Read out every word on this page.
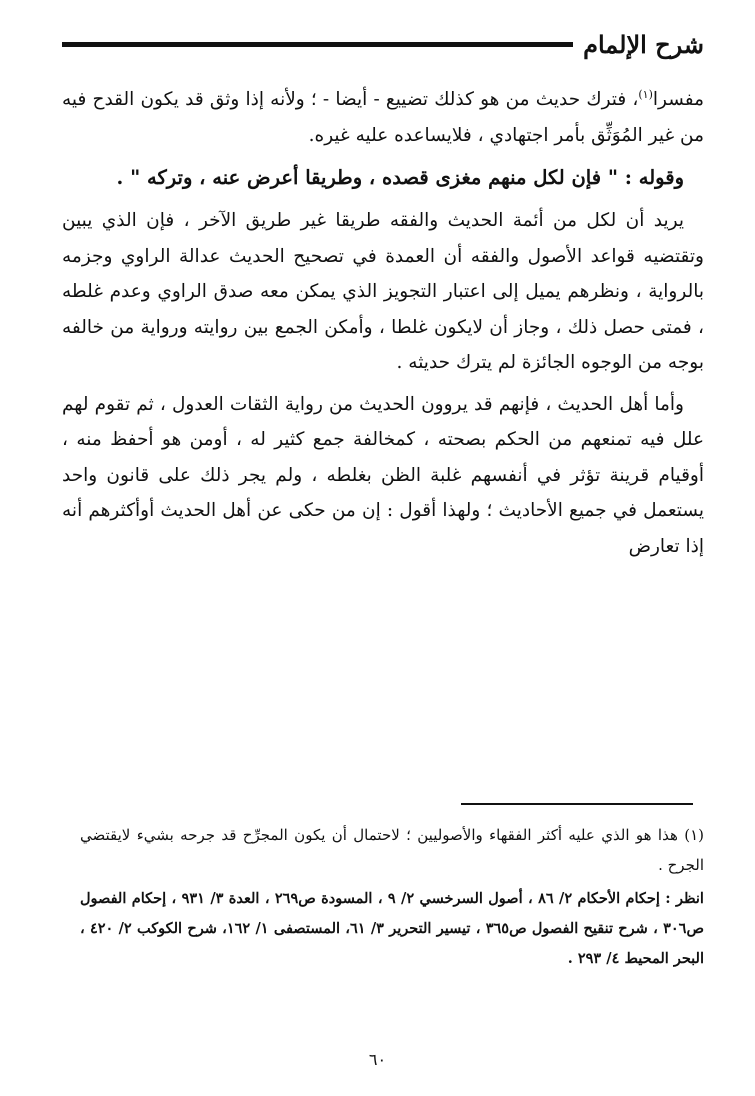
شرح الإلمام

مفسرا$^{(١)}$، فترك حديث من هو كذلك تضييع - أيضا - ؛ ولأنه إذا وثق قد يكون القدح فيه من غير المُوَثِّق بأمر اجتهادي ، فلايساعده عليه غيره.

وقوله : " فإن لكل منهم مغزى قصده ، وطريقا أعرض عنه ، وتركه " .

يريد أن لكل من أئمة الحديث والفقه طريقا غير طريق الآخر ، فإن الذي يبين وتقتضيه قواعد الأصول والفقه أن العمدة في تصحيح الحديث عدالة الراوي وجزمه بالرواية ، ونظرهم يميل إلى اعتبار التجويز الذي يمكن معه صدق الراوي وعدم غلطه ، فمتى حصل ذلك ، وجاز أن لايكون غلطا ، وأمكن الجمع بين روايته ورواية من خالفه بوجه من الوجوه الجائزة لم يترك حديثه .

وأما أهل الحديث ، فإنهم قد يروون الحديث من رواية الثقات العدول ، ثم تقوم لهم علل فيه تمنعهم من الحكم بصحته ، كمخالفة جمع كثير له ، أومن هو أحفظ منه ، أوقيام قرينة تؤثر في أنفسهم غلبة الظن بغلطه ، ولم يجر ذلك على قانون واحد يستعمل في جميع الأحاديث ؛ ولهذا أقول : إن من حكى عن أهل الحديث أوأكثرهم أنه إذا تعارض

(١) هذا هو الذي عليه أكثر الفقهاء والأصوليين ؛ لاحتمال أن يكون المجرِّح قد جرحه بشيء لايقتضي الجرح .

انظر : إحكام الأحكام ٢/ ٨٦ ، أصول السرخسي ٢/ ٩ ، المسودة ص٢٦٩ ، العدة ٣/ ٩٣١ ، إحكام الفصول ص٣٠٦ ، شرح تنقيح الفصول ص٣٦٥ ، تيسير التحرير ٣/ ٦١، المستصفى ١/ ١٦٢، شرح الكوكب ٢/ ٤٢٠ ، البحر المحيط ٤/ ٢٩٣ .

٦٠
